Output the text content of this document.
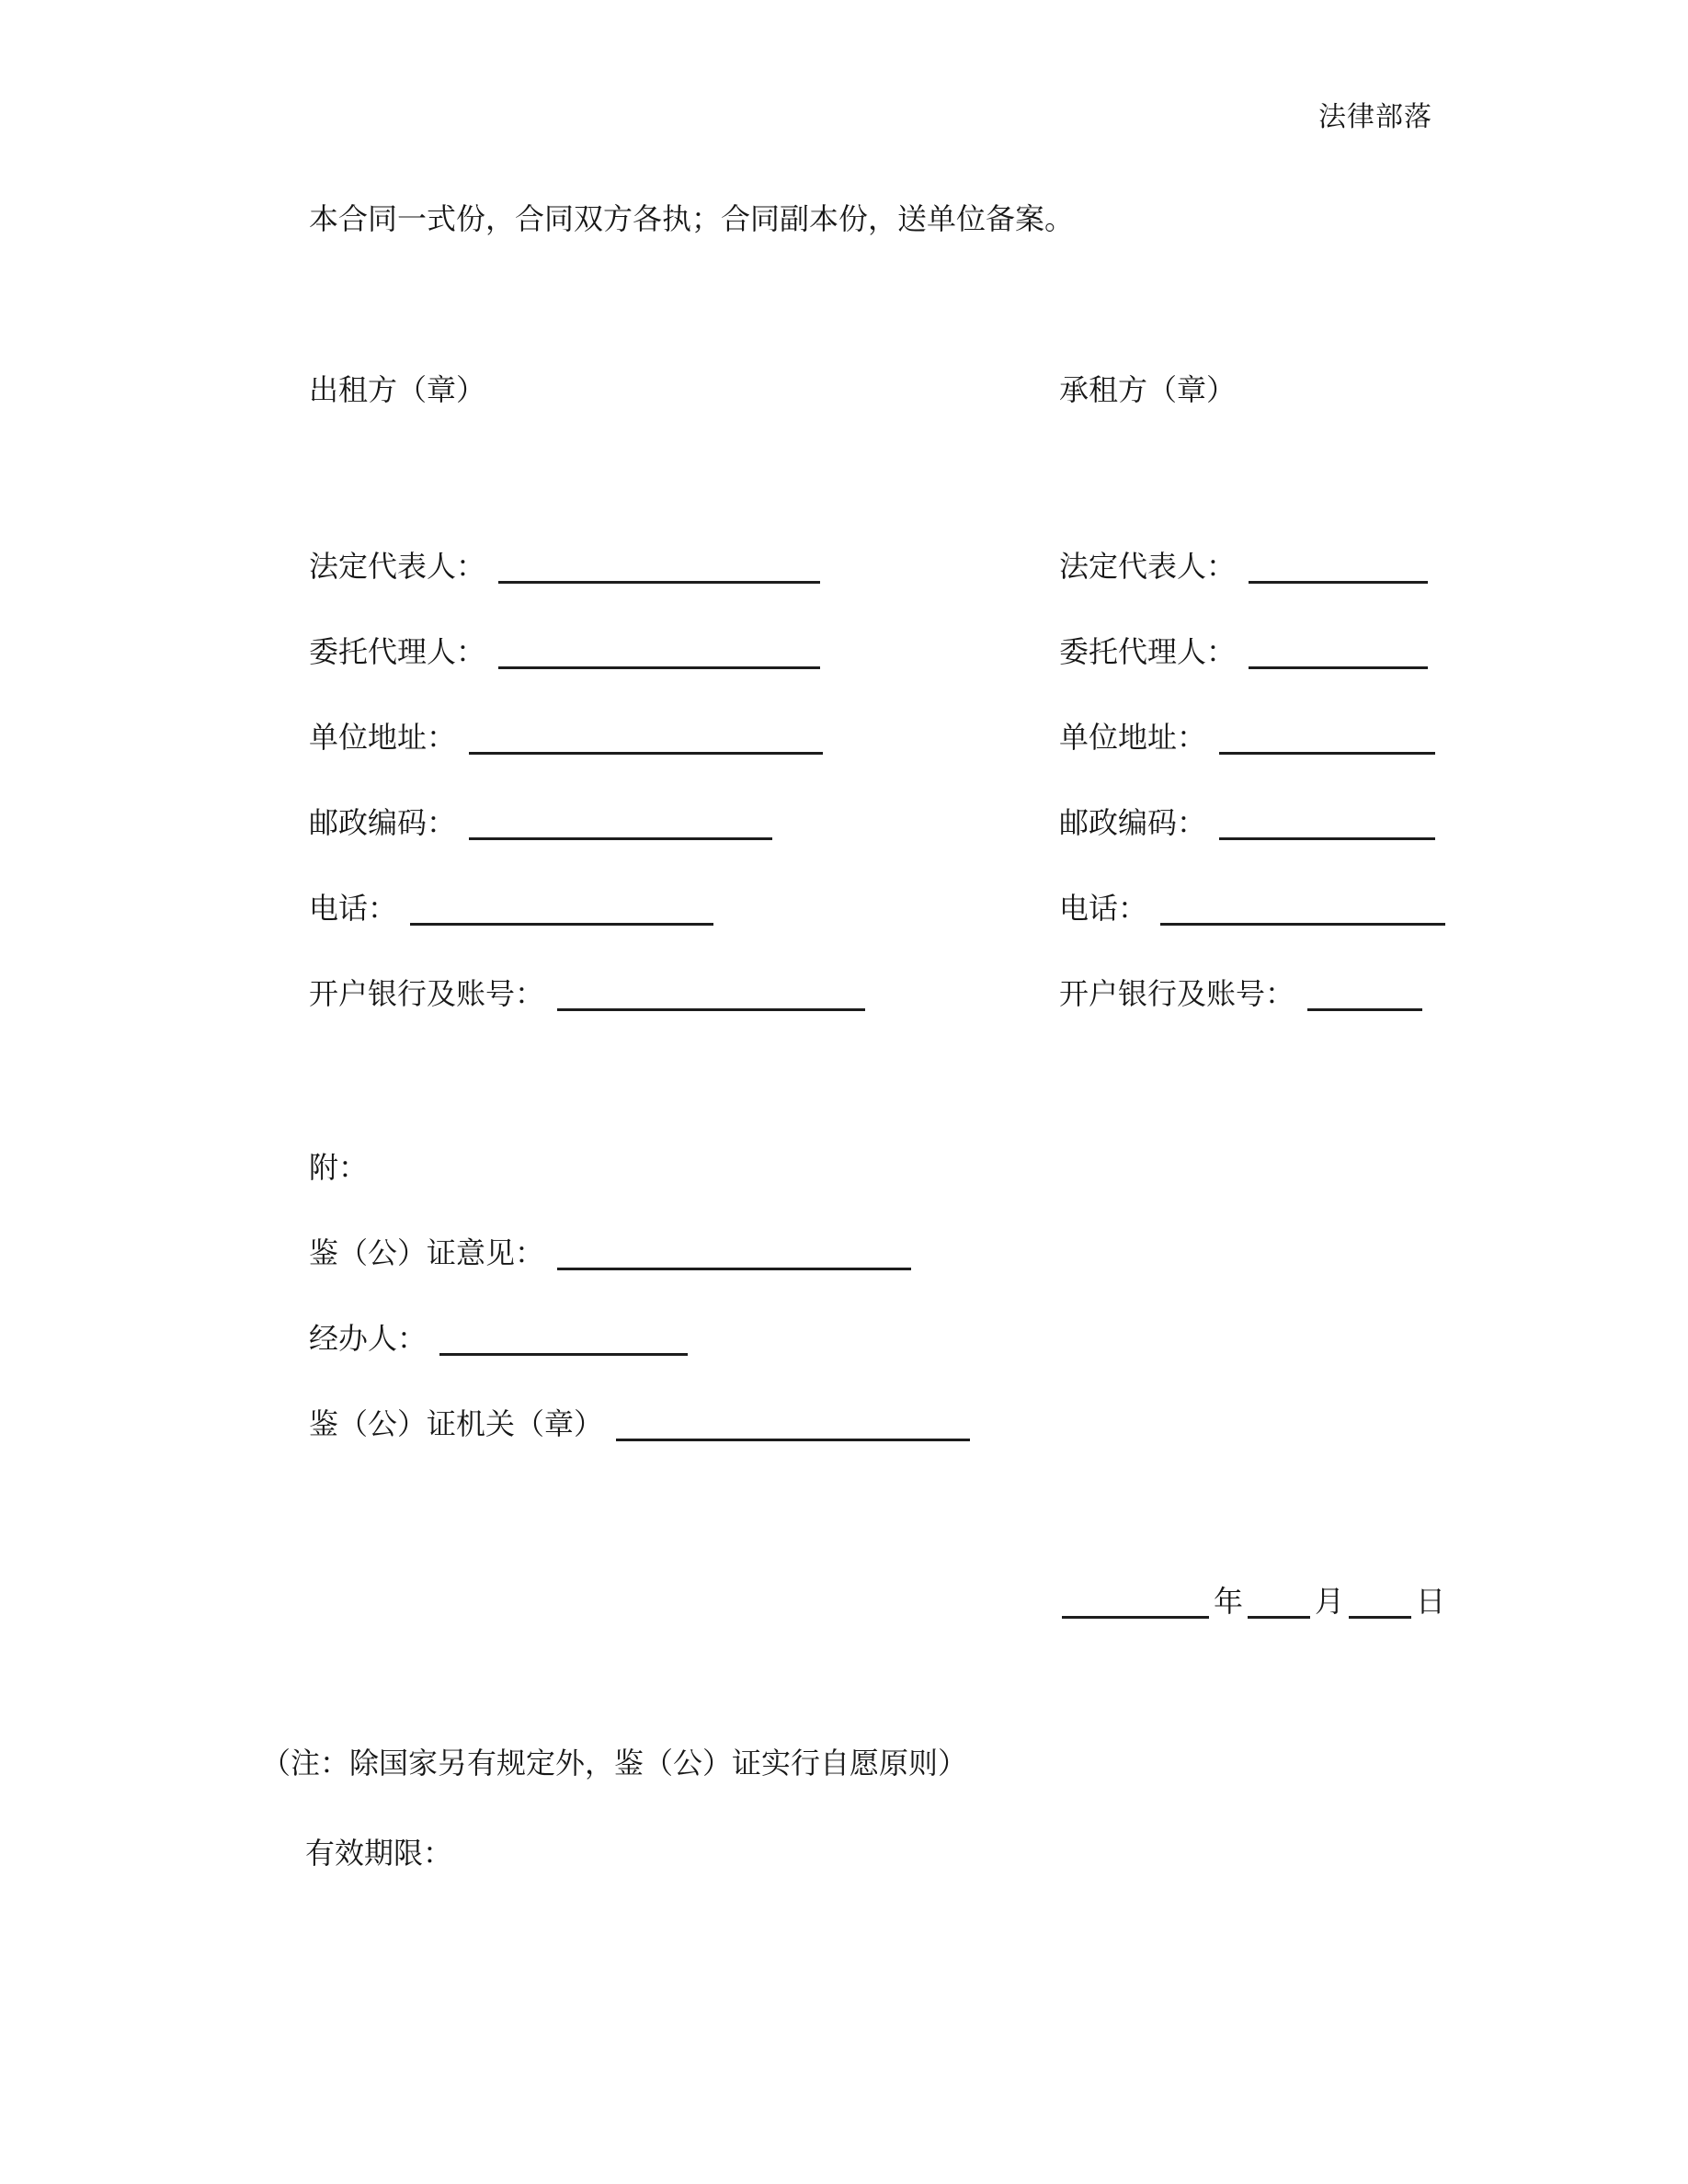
法律部落

本合同一式份，合同双方各执；合同副本份，送单位备案。

出租方（章）	承租方（章）
法定代表人：
委托代理人：
单位地址：
邮政编码：
电话：
开户银行及账号：
法定代表人：
委托代理人：
单位地址：
邮政编码：
电话：
开户银行及账号：
附：
鉴（公）证意见：
经办人：
鉴（公）证机关（章）
年 月 日

（注：除国家另有规定外，鉴（公）证实行自愿原则）

有效期限：
